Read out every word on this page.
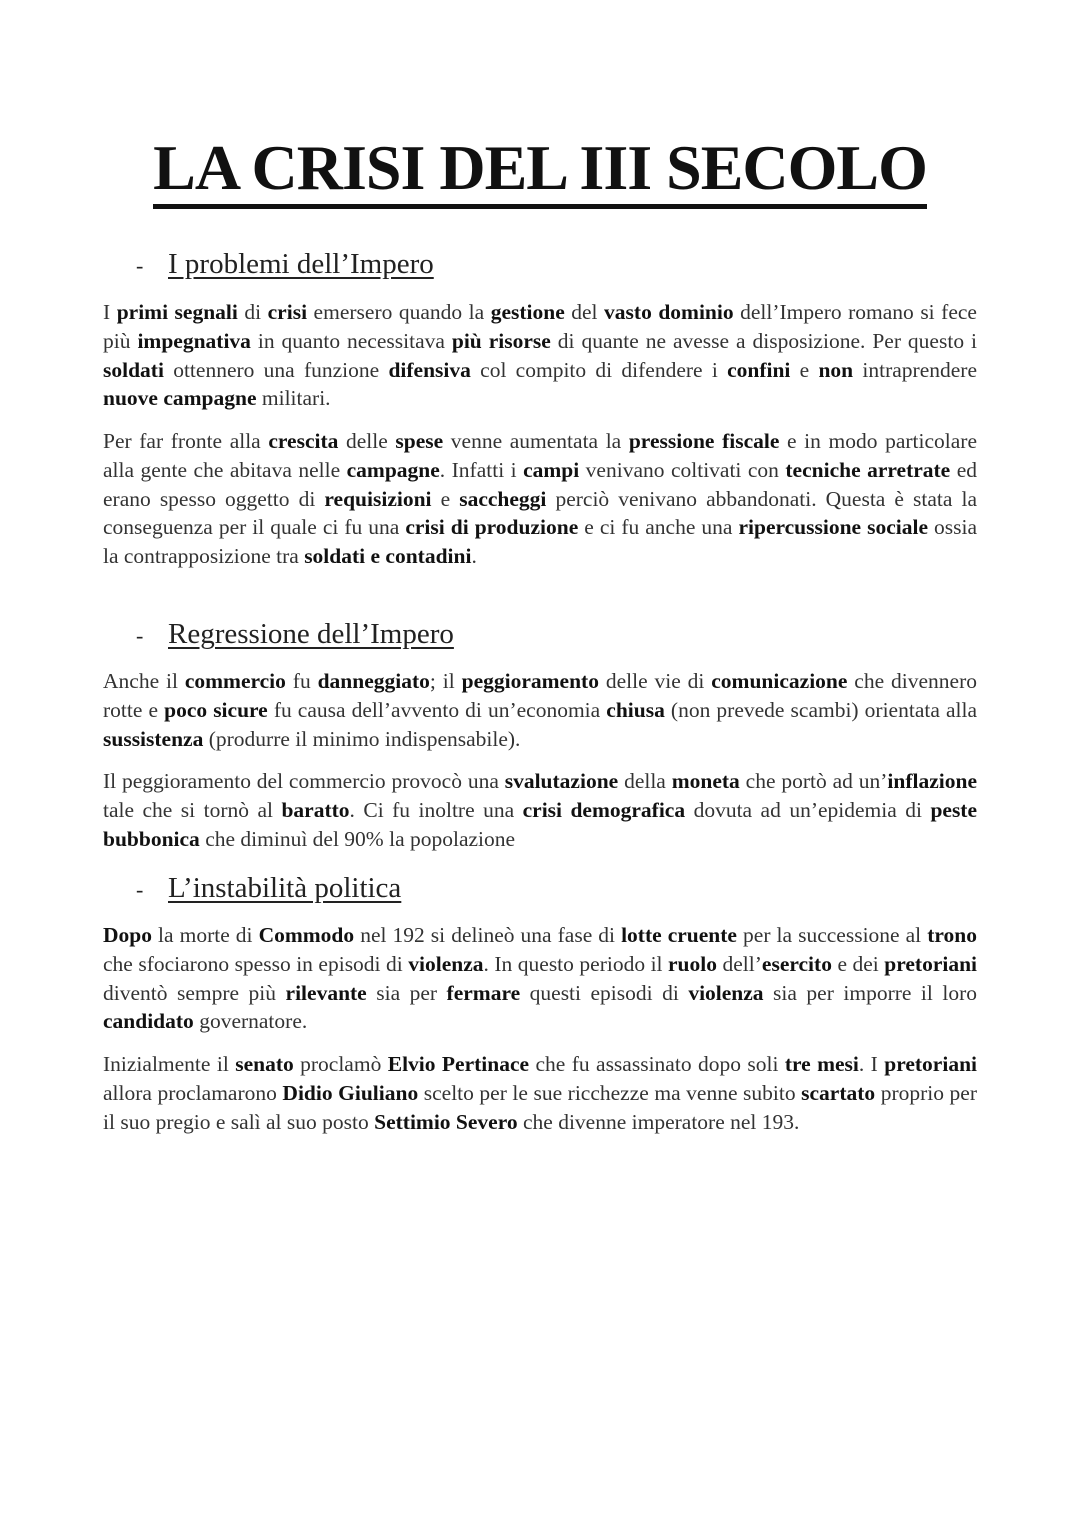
LA CRISI DEL III SECOLO
- I problemi dell’Impero
I primi segnali di crisi emersero quando la gestione del vasto dominio dell’Impero romano si fece più impegnativa in quanto necessitava più risorse di quante ne avesse a disposizione. Per questo i soldati ottennero una funzione difensiva col compito di difendere i confini e non intraprendere nuove campagne militari.
Per far fronte alla crescita delle spese venne aumentata la pressione fiscale e in modo particolare alla gente che abitava nelle campagne. Infatti i campi venivano coltivati con tecniche arretrate ed erano spesso oggetto di requisizioni e saccheggi perciò venivano abbandonati. Questa è stata la conseguenza per il quale ci fu una crisi di produzione e ci fu anche una ripercussione sociale ossia la contrapposizione tra soldati e contadini.
- Regressione dell’Impero
Anche il commercio fu danneggiato; il peggioramento delle vie di comunicazione che divennero rotte e poco sicure fu causa dell’avvento di un’economia chiusa (non prevede scambi) orientata alla sussistenza (produrre il minimo indispensabile).
Il peggioramento del commercio provocò una svalutazione della moneta che portò ad un’inflazione tale che si tornò al baratto. Ci fu inoltre una crisi demografica dovuta ad un’epidemia di peste bubbonica che diminuì del 90% la popolazione
- L’instabilità politica
Dopo la morte di Commodo nel 192 si delineò una fase di lotte cruente per la successione al trono che sfociarono spesso in episodi di violenza. In questo periodo il ruolo dell’esercito e dei pretoriani diventò sempre più rilevante sia per fermare questi episodi di violenza sia per imporre il loro candidato governatore.
Inizialmente il senato proclamò Elvio Pertinace che fu assassinato dopo soli tre mesi. I pretoriani allora proclamarono Didio Giuliano scelto per le sue ricchezze ma venne subito scartato proprio per il suo pregio e salì al suo posto Settimio Severo che divenne imperatore nel 193.
